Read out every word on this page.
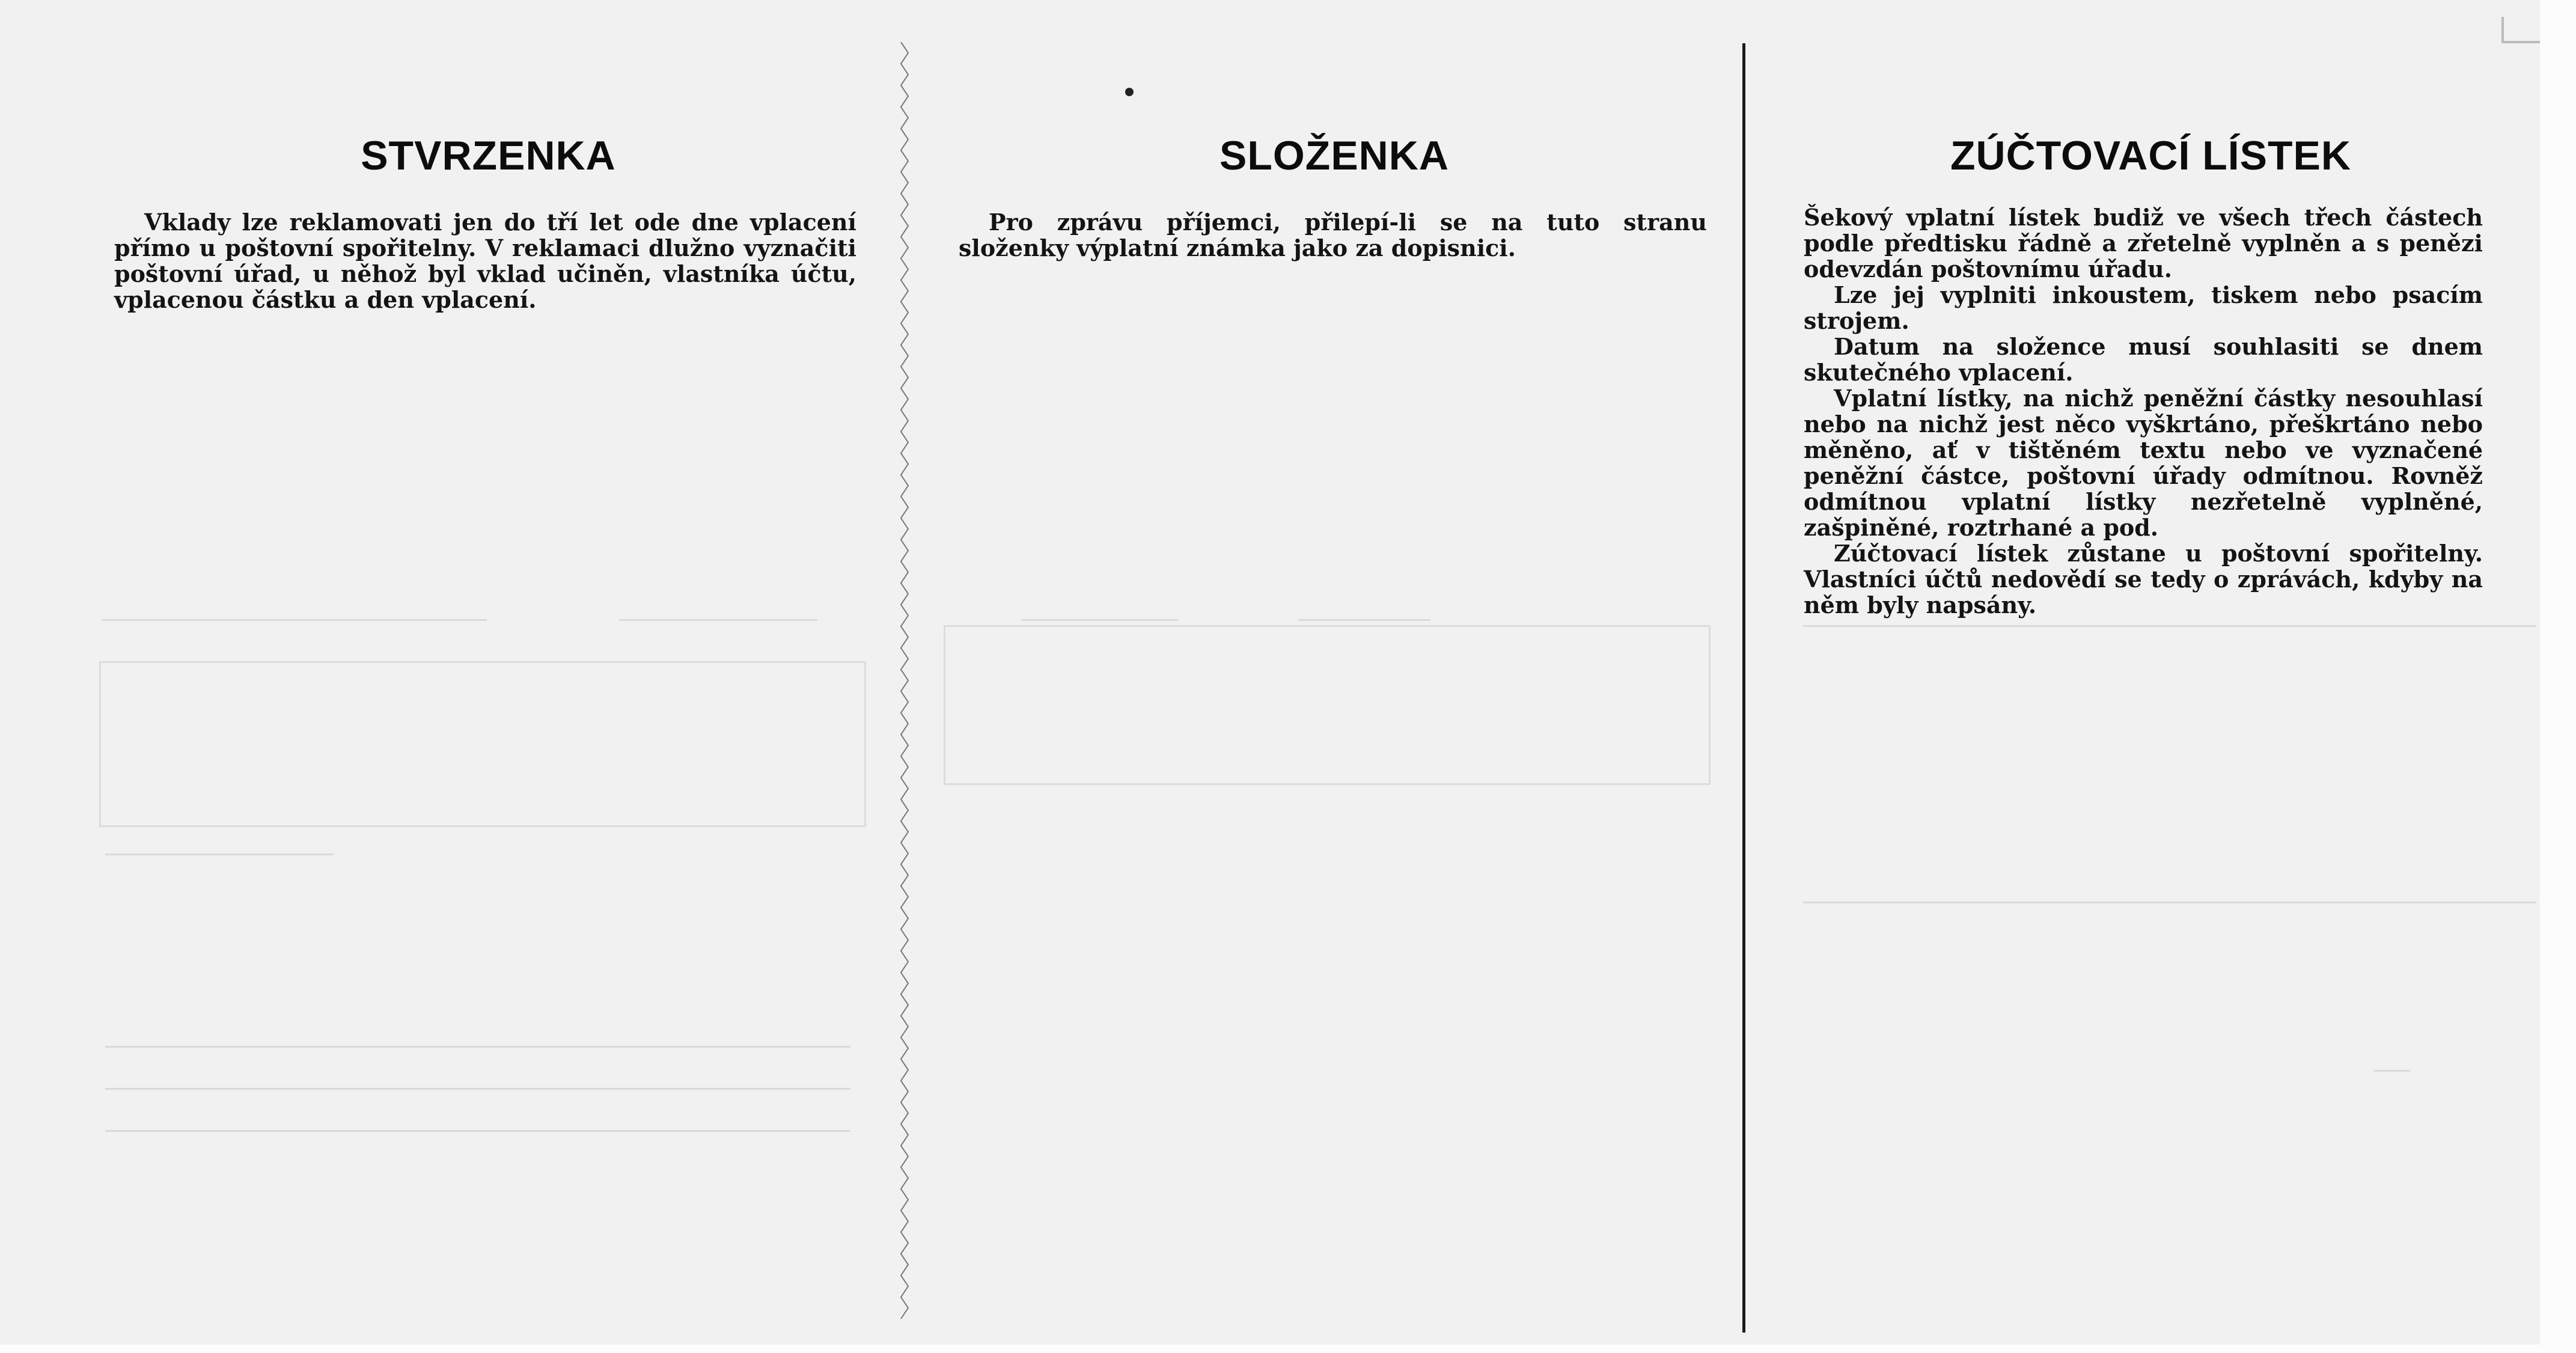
STVRZENKA

Vklady lze reklamovati jen do tří let ode dne vplacení přímo u poštovní spořitelny. V reklamaci dlužno vyznačiti poštovní úřad, u něhož byl vklad učiněn, vlastníka účtu, vplacenou částku a den vplacení.

SLOŽENKA

Pro zprávu příjemci, přilepí-li se na tuto stranu složenky výplatní známka jako za dopisnici.

ZÚČTOVACÍ LÍSTEK

Šekový vplatní lístek budiž ve všech třech částech podle předtisku řádně a zřetelně vyplněn a s penězi odevzdán poštovnímu úřadu.

Lze jej vyplniti inkoustem, tiskem nebo psacím strojem.

Datum na složence musí souhlasiti se dnem skutečného vplacení.

Vplatní lístky, na nichž peněžní částky nesouhlasí nebo na nichž jest něco vyškrtáno, přeškrtáno nebo měněno, ať v tištěném textu nebo ve vyznačené peněžní částce, poštovní úřady odmítnou. Rovněž odmítnou vplatní lístky nezřetelně vyplněné, zašpiněné, roztrhané a pod.

Zúčtovací lístek zůstane u poštovní spořitelny. Vlastníci účtů nedovědí se tedy o zprávách, kdyby na něm byly napsány.
